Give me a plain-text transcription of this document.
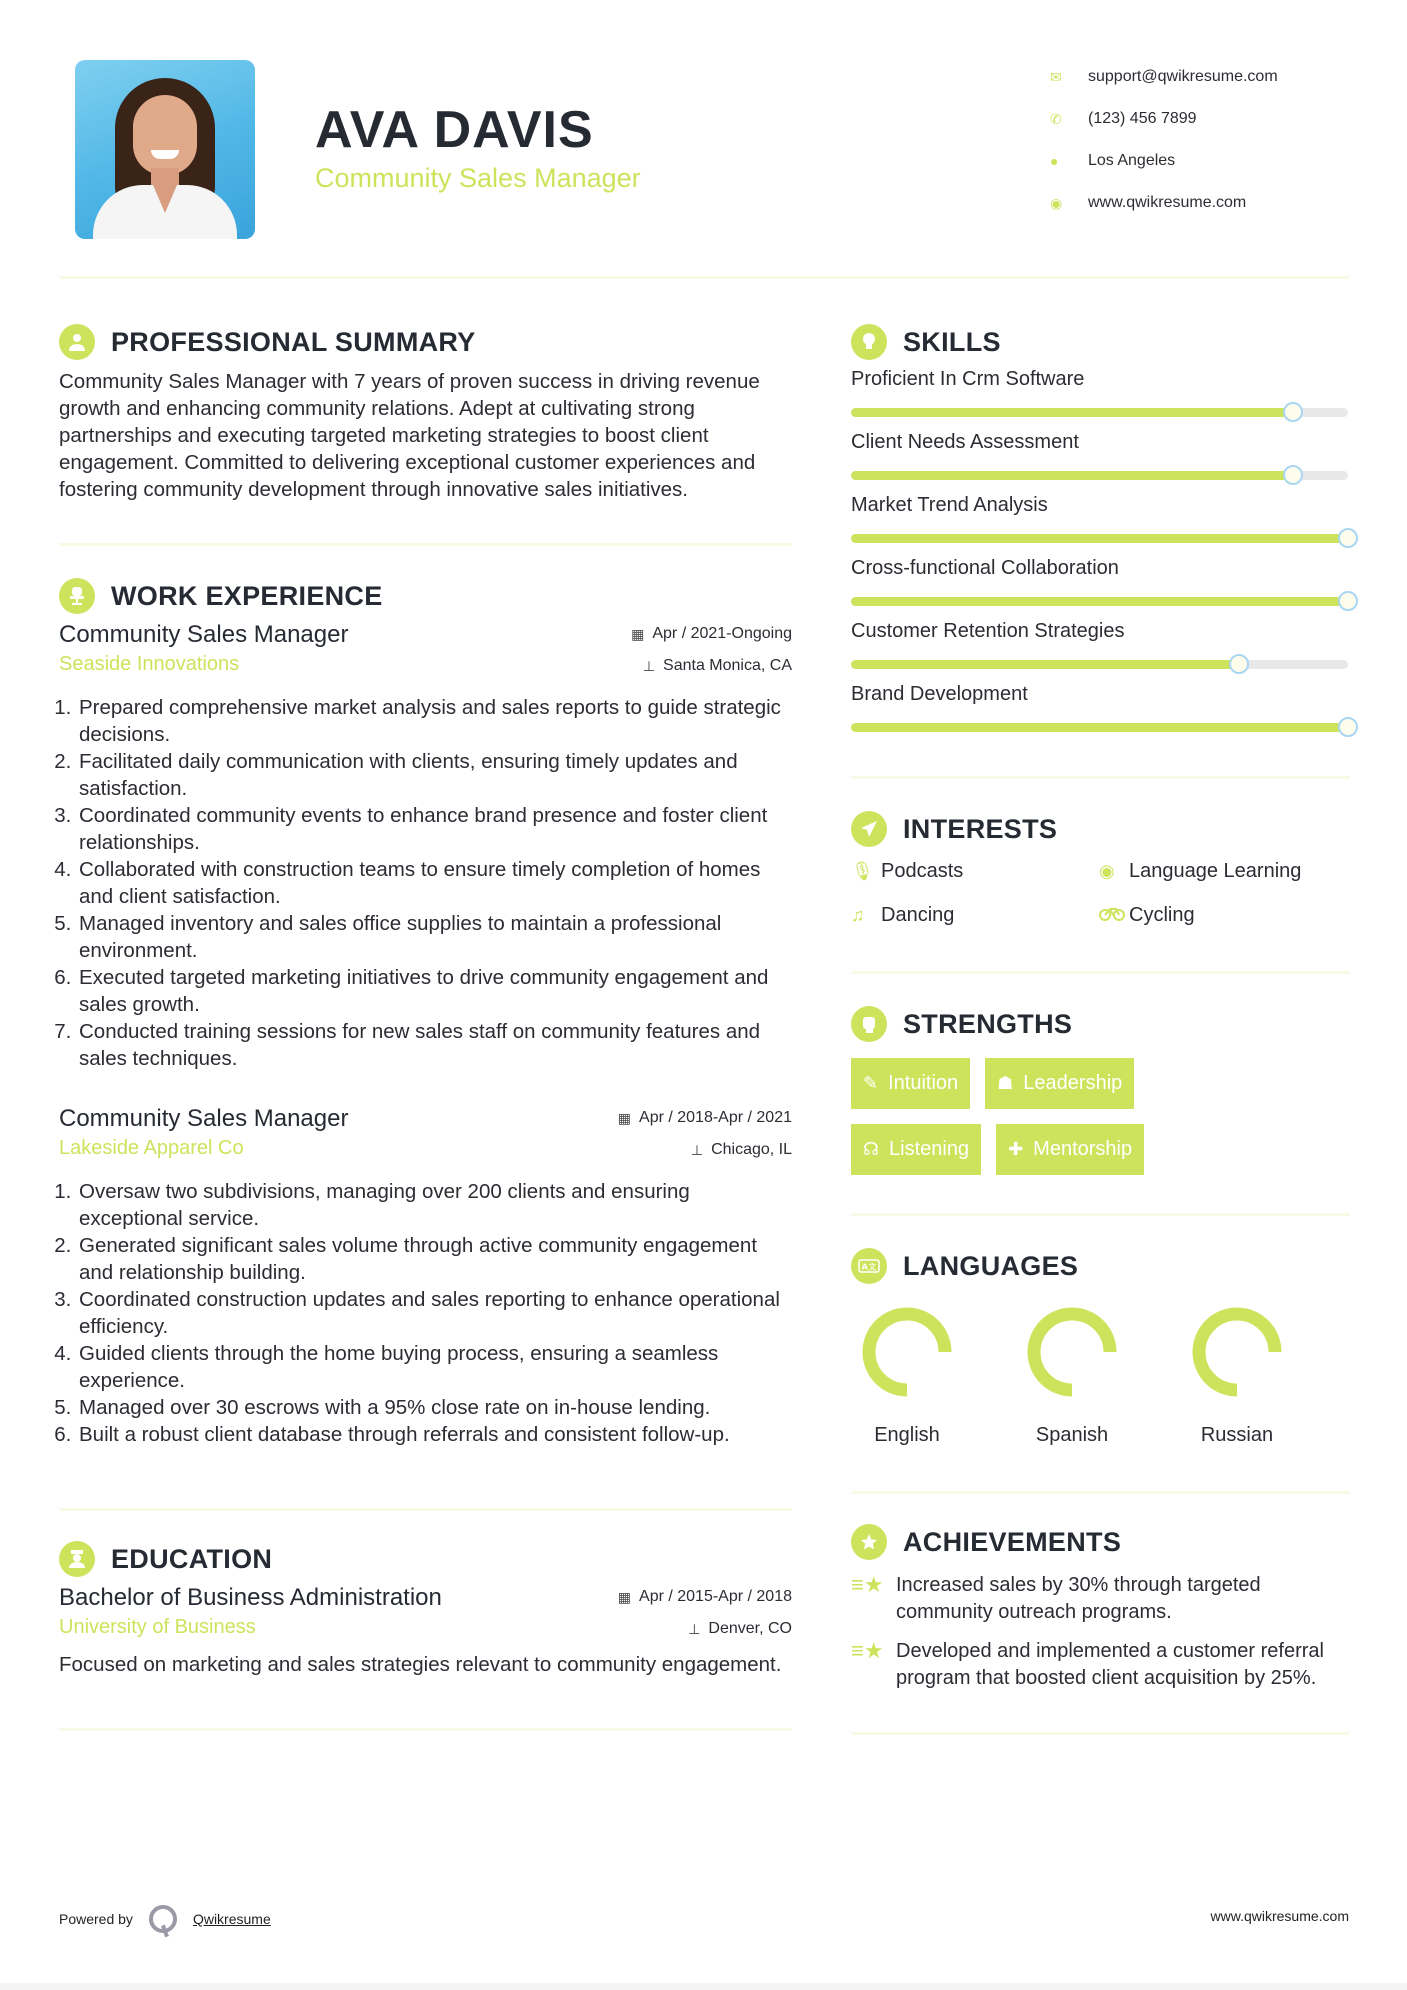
AVA DAVIS
Community Sales Manager
✉	support@qwikresume.com
✆	(123) 456 7899
●	Los Angeles
◉	www.qwikresume.com
PROFESSIONAL SUMMARY

Community Sales Manager with 7 years of proven success in driving revenue growth and enhancing community relations. Adept at cultivating strong partnerships and executing targeted marketing strategies to boost client engagement. Committed to delivering exceptional customer experiences and fostering community development through innovative sales initiatives.

WORK EXPERIENCE
Community Sales Manager
Seaside Innovations
▦ Apr / 2021-Ongoing
⊥ Santa Monica, CA
1. Prepared comprehensive market analysis and sales reports to guide strategic decisions.
2. Facilitated daily communication with clients, ensuring timely updates and satisfaction.
3. Coordinated community events to enhance brand presence and foster client relationships.
4. Collaborated with construction teams to ensure timely completion of homes and client satisfaction.
5. Managed inventory and sales office supplies to maintain a professional environment.
6. Executed targeted marketing initiatives to drive community engagement and sales growth.
7. Conducted training sessions for new sales staff on community features and sales techniques.
Community Sales Manager
Lakeside Apparel Co
▦ Apr / 2018-Apr / 2021
⊥ Chicago, IL
1. Oversaw two subdivisions, managing over 200 clients and ensuring exceptional service.
2. Generated significant sales volume through active community engagement and relationship building.
3. Coordinated construction updates and sales reporting to enhance operational efficiency.
4. Guided clients through the home buying process, ensuring a seamless experience.
5. Managed over 30 escrows with a 95% close rate on in-house lending.
6. Built a robust client database through referrals and consistent follow-up.
EDUCATION
Bachelor of Business Administration
University of Business
▦ Apr / 2015-Apr / 2018
⊥ Denver, CO

Focused on marketing and sales strategies relevant to community engagement.

SKILLS
Proficient In Crm Software
Client Needs Assessment
Market Trend Analysis
Cross-functional Collaboration
Customer Retention Strategies
Brand Development
INTERESTS
🎙 Podcasts	◉ Language Learning
♫ Dancing	Cycling
STRENGTHS
✎ Intuition ☗ Leadership
☊ Listening ✚ Mentorship
A文 LANGUAGES
English	Spanish	Russian
ACHIEVEMENTS
≡★ Increased sales by 30% through targeted community outreach programs.
≡★ Developed and implemented a customer referral program that boosted client acquisition by 25%.
Powered by	Qwikresume	www.qwikresume.com
